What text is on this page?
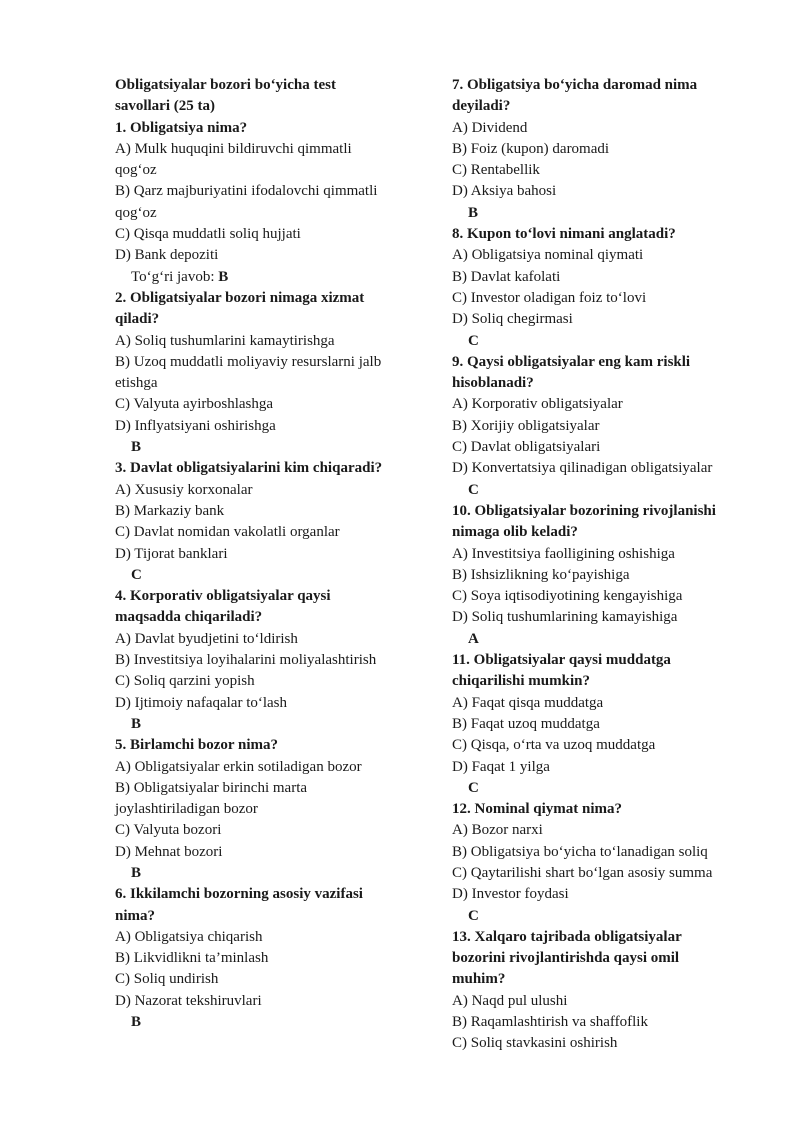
Obligatsiyalar bozori bo‘yicha test
savollari (25 ta)
1. Obligatsiya nima?
A) Mulk huquqini bildiruvchi qimmatli
qog‘oz
B) Qarz majburiyatini ifodalovchi qimmatli
qog‘oz
C) Qisqa muddatli soliq hujjati
D) Bank depoziti
To‘g‘ri javob: B
2. Obligatsiyalar bozori nimaga xizmat
qiladi?
A) Soliq tushumlarini kamaytirishga
B) Uzoq muddatli moliyaviy resurslarni jalb
etishga
C) Valyuta ayirboshlashga
D) Inflyatsiyani oshirishga
B
3. Davlat obligatsiyalarini kim chiqaradi?
A) Xususiy korxonalar
B) Markaziy bank
C) Davlat nomidan vakolatli organlar
D) Tijorat banklari
C
4. Korporativ obligatsiyalar qaysi
maqsadda chiqariladi?
A) Davlat byudjetini to‘ldirish
B) Investitsiya loyihalarini moliyalashtirish
C) Soliq qarzini yopish
D) Ijtimoiy nafaqalar to‘lash
B
5. Birlamchi bozor nima?
A) Obligatsiyalar erkin sotiladigan bozor
B) Obligatsiyalar birinchi marta
joylashtiriladigan bozor
C) Valyuta bozori
D) Mehnat bozori
B
6. Ikkilamchi bozorning asosiy vazifasi
nima?
A) Obligatsiya chiqarish
B) Likvidlikni ta’minlash
C) Soliq undirish
D) Nazorat tekshiruvlari
B
7. Obligatsiya bo‘yicha daromad nima
deyiladi?
A) Dividend
B) Foiz (kupon) daromadi
C) Rentabellik
D) Aksiya bahosi
B
8. Kupon to‘lovi nimani anglatadi?
A) Obligatsiya nominal qiymati
B) Davlat kafolati
C) Investor oladigan foiz to‘lovi
D) Soliq chegirmasi
C
9. Qaysi obligatsiyalar eng kam riskli
hisoblanadi?
A) Korporativ obligatsiyalar
B) Xorijiy obligatsiyalar
C) Davlat obligatsiyalari
D) Konvertatsiya qilinadigan obligatsiyalar
C
10. Obligatsiyalar bozorining rivojlanishi
nimaga olib keladi?
A) Investitsiya faolligining oshishiga
B) Ishsizlikning ko‘payishiga
C) Soya iqtisodiyotining kengayishiga
D) Soliq tushumlarining kamayishiga
A
11. Obligatsiyalar qaysi muddatga
chiqarilishi mumkin?
A) Faqat qisqa muddatga
B) Faqat uzoq muddatga
C) Qisqa, o‘rta va uzoq muddatga
D) Faqat 1 yilga
C
12. Nominal qiymat nima?
A) Bozor narxi
B) Obligatsiya bo‘yicha to‘lanadigan soliq
C) Qaytarilishi shart bo‘lgan asosiy summa
D) Investor foydasi
C
13. Xalqaro tajribada obligatsiyalar
bozorini rivojlantirishda qaysi omil
muhim?
A) Naqd pul ulushi
B) Raqamlashtirish va shaffoflik
C) Soliq stavkasini oshirish
